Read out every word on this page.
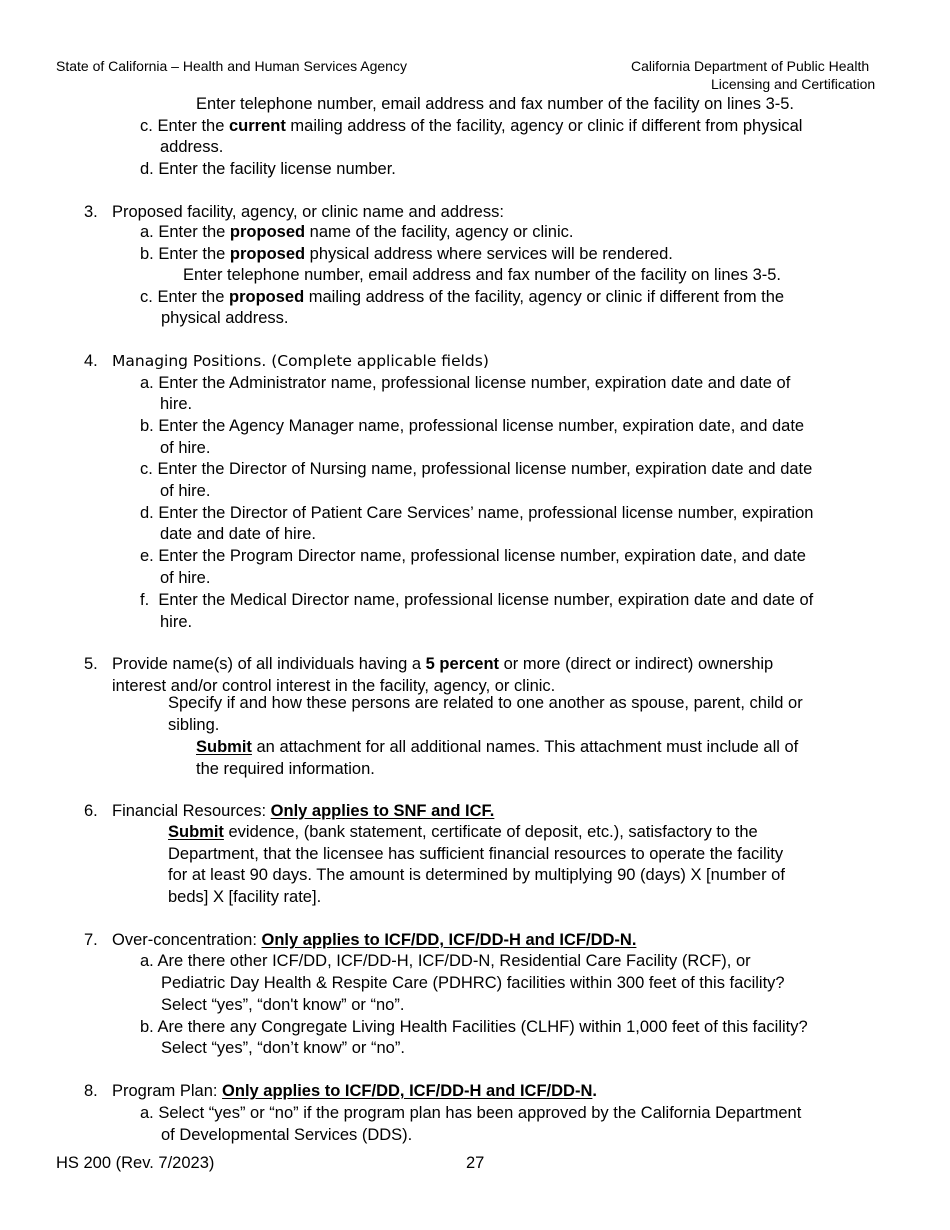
State of California – Health and Human Services Agency	California Department of Public Health
Licensing and Certification
Enter telephone number, email address and fax number of the facility on lines 3-5.
c. Enter the current mailing address of the facility, agency or clinic if different from physical
address.
d. Enter the facility license number.
3. Proposed facility, agency, or clinic name and address:
a. Enter the proposed name of the facility, agency or clinic.
b. Enter the proposed physical address where services will be rendered.
Enter telephone number, email address and fax number of the facility on lines 3-5.
c. Enter the proposed mailing address of the facility, agency or clinic if different from the
physical address.
4. Managing Positions. (Complete applicable fields)
a. Enter the Administrator name, professional license number, expiration date and date of
hire.
b. Enter the Agency Manager name, professional license number, expiration date, and date
of hire.
c. Enter the Director of Nursing name, professional license number, expiration date and date
of hire.
d. Enter the Director of Patient Care Services’ name, professional license number, expiration
date and date of hire.
e. Enter the Program Director name, professional license number, expiration date, and date
of hire.
f. Enter the Medical Director name, professional license number, expiration date and date of
hire.
5. Provide name(s) of all individuals having a 5 percent or more (direct or indirect) ownership
interest and/or control interest in the facility, agency, or clinic.
Specify if and how these persons are related to one another as spouse, parent, child or
sibling.
Submit an attachment for all additional names. This attachment must include all of
the required information.
6. Financial Resources: Only applies to SNF and ICF.
Submit evidence, (bank statement, certificate of deposit, etc.), satisfactory to the
Department, that the licensee has sufficient financial resources to operate the facility
for at least 90 days. The amount is determined by multiplying 90 (days) X [number of
beds] X [facility rate].
7. Over-concentration: Only applies to ICF/DD, ICF/DD-H and ICF/DD-N.
a. Are there other ICF/DD, ICF/DD-H, ICF/DD-N, Residential Care Facility (RCF), or
Pediatric Day Health & Respite Care (PDHRC) facilities within 300 feet of this facility?
Select “yes”, “don't know” or “no”.
b. Are there any Congregate Living Health Facilities (CLHF) within 1,000 feet of this facility?
Select “yes”, “don’t know” or “no”.
8. Program Plan: Only applies to ICF/DD, ICF/DD-H and ICF/DD-N.
a. Select “yes” or “no” if the program plan has been approved by the California Department
of Developmental Services (DDS).
HS 200 (Rev. 7/2023)	27
